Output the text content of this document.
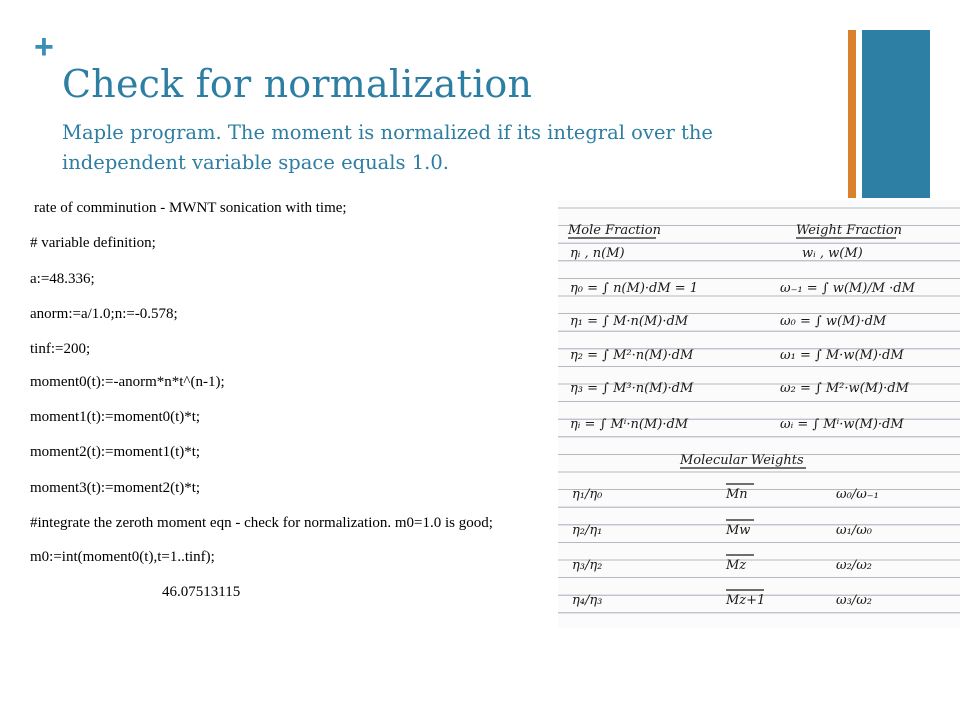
+
Check for normalization
Maple program. The moment is normalized if its integral over the independent variable space equals 1.0.
rate of comminution - MWNT sonication with time;
# variable definition;
a:=48.336;
anorm:=a/1.0;n:=-0.578;
tinf:=200;
moment0(t):=-anorm*n*t^(n-1);
moment1(t):=moment0(t)*t;
moment2(t):=moment1(t)*t;
moment3(t):=moment2(t)*t;
#integrate the zeroth moment eqn - check for normalization. m0=1.0 is good;
m0:=int(moment0(t),t=1..tinf);
46.07513115
Mole Fraction	Weight Fraction
ηᵢ , n(M)
η₀ = ∫ n(M)·dM = 1
η₁ = ∫ M·n(M)·dM
η₂ = ∫ M²·n(M)·dM
η₃ = ∫ M³·n(M)·dM
ηᵢ = ∫ Mⁱ·n(M)·dM
wᵢ , w(M)
ω₋₁ = ∫ w(M)/M ·dM
ω₀ = ∫ w(M)·dM
ω₁ = ∫ M·w(M)·dM
ω₂ = ∫ M²·w(M)·dM
ωᵢ = ∫ Mⁱ·w(M)·dM
Molecular Weights
η₁/η₀
η₂/η₁
η₃/η₂
η₄/η₃
Mn
Mw
Mz
Mz+1
ω₀/ω₋₁
ω₁/ω₀
ω₂/ω₂
ω₃/ω₂
